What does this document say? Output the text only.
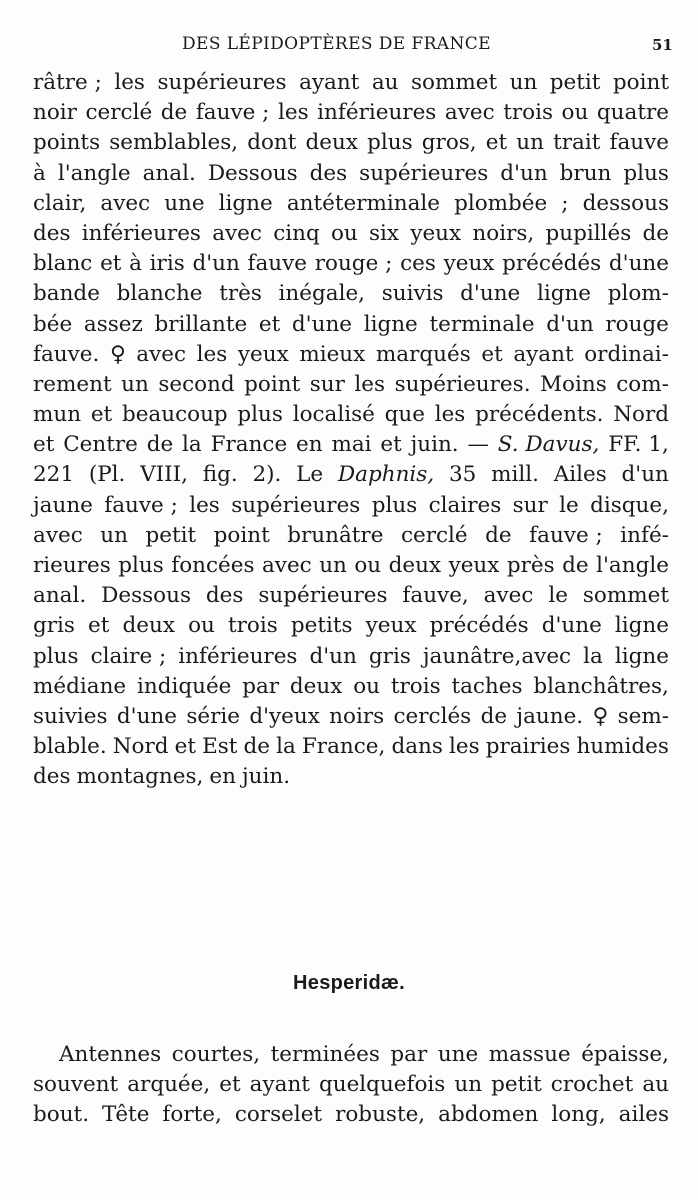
DES LÉPIDOPTÈRES DE FRANCE	51
râtre ; les supérieures ayant au sommet un petit point
noir cerclé de fauve ; les inférieures avec trois ou quatre
points semblables, dont deux plus gros, et un trait fauve
à l'angle anal. Dessous des supérieures d'un brun plus
clair, avec une ligne antéterminale plombée ; dessous
des inférieures avec cinq ou six yeux noirs, pupillés de
blanc et à iris d'un fauve rouge ; ces yeux précédés d'une
bande blanche très inégale, suivis d'une ligne plom-
bée assez brillante et d'une ligne terminale d'un rouge
fauve. ♀ avec les yeux mieux marqués et ayant ordinai-
rement un second point sur les supérieures. Moins com-
mun et beaucoup plus localisé que les précédents. Nord
et Centre de la France en mai et juin. — S. Davus, FF. 1,
221 (Pl. VIII, fig. 2). Le Daphnis, 35 mill. Ailes d'un
jaune fauve ; les supérieures plus claires sur le disque,
avec un petit point brunâtre cerclé de fauve ; infé-
rieures plus foncées avec un ou deux yeux près de l'angle
anal. Dessous des supérieures fauve, avec le sommet
gris et deux ou trois petits yeux précédés d'une ligne
plus claire ; inférieures d'un gris jaunâtre,avec la ligne
médiane indiquée par deux ou trois taches blanchâtres,
suivies d'une série d'yeux noirs cerclés de jaune. ♀ sem-
blable. Nord et Est de la France, dans les prairies humides
des montagnes, en juin.
Hesperidæ.
Antennes courtes, terminées par une massue épaisse,
souvent arquée, et ayant quelquefois un petit crochet au
bout. Tête forte, corselet robuste, abdomen long, ailes
